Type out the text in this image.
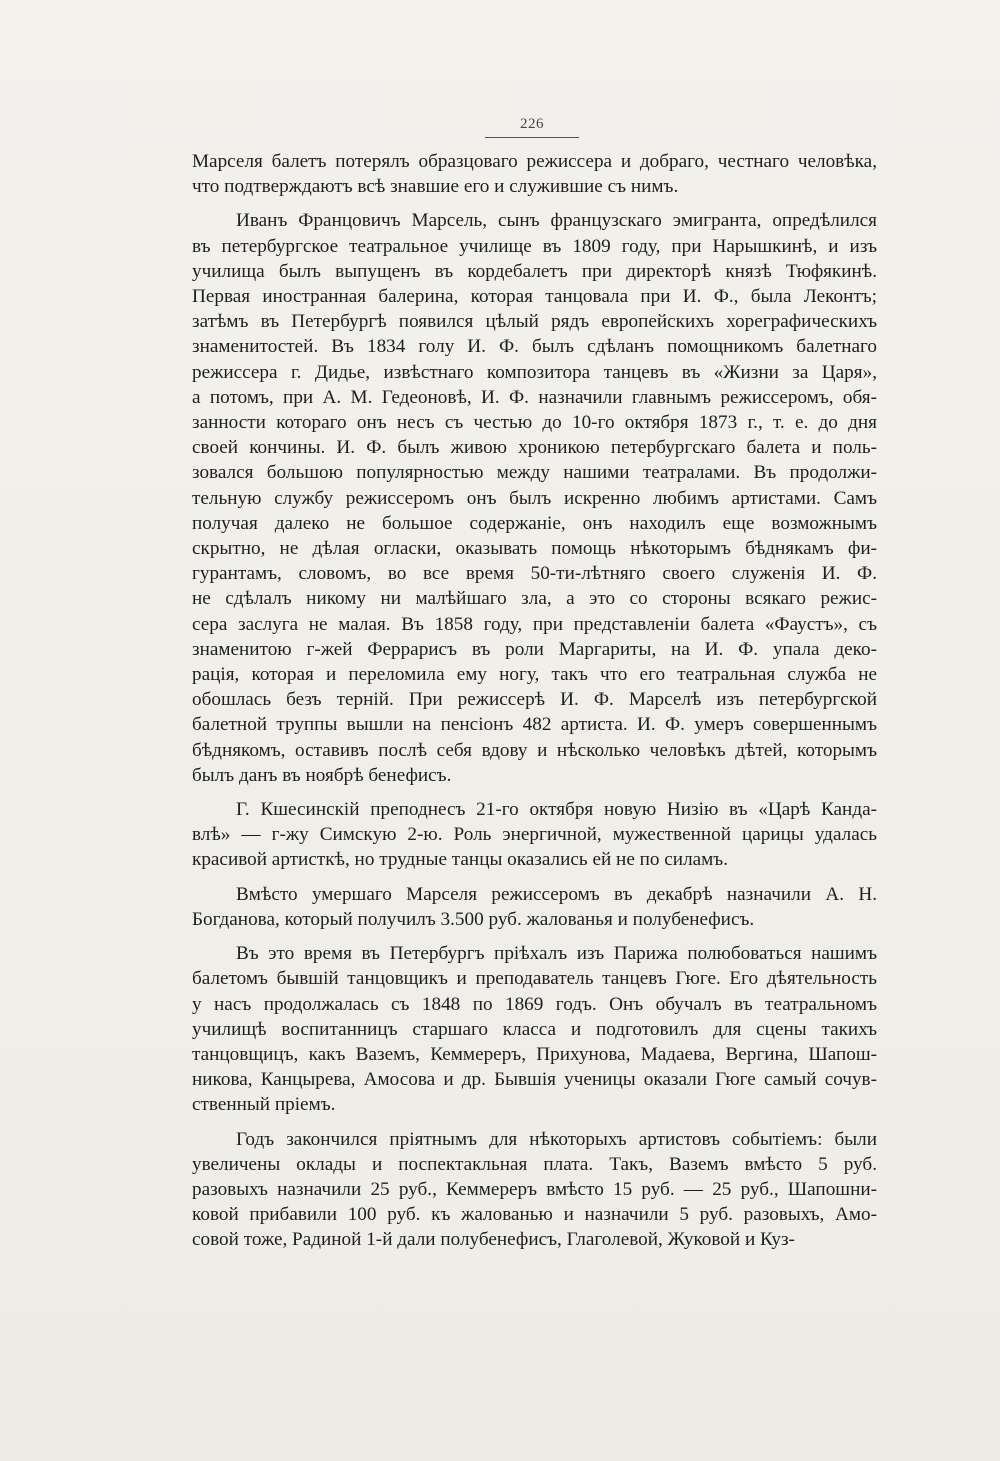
226

Марселя балетъ потерялъ образцоваго режиссера и добраго, честнаго человѣка,
что подтверждаютъ всѣ знавшие его и служившие съ нимъ.

Иванъ Францовичъ Марсель, сынъ французскаго эмигранта, опредѣлился
въ петербургское театральное училище въ 1809 году, при Нарышкинѣ, и изъ
училища былъ выпущенъ въ кордебалетъ при директорѣ князѣ Тюфякинѣ.
Первая иностранная балерина, которая танцовала при И. Ф., была Леконтъ;
затѣмъ въ Петербургѣ появился цѣлый рядъ европейскихъ хореграфическихъ
знаменитостей. Въ 1834 голу И. Ф. былъ сдѣланъ помощникомъ балетнаго
режиссера г. Дидье, извѣстнаго композитора танцевъ въ «Жизни за Царя»,
а потомъ, при А. М. Гедеоновѣ, И. Ф. назначили главнымъ режиссеромъ, обя-
занности котораго онъ несъ съ честью до 10-го октября 1873 г., т. е. до дня
своей кончины. И. Ф. былъ живою хроникою петербургскаго балета и поль-
зовался большою популярностью между нашими театралами. Въ продолжи-
тельную службу режиссеромъ онъ былъ искренно любимъ артистами. Самъ
получая далеко не большое содержаніе, онъ находилъ еще возможнымъ
скрытно, не дѣлая огласки, оказывать помощь нѣкоторымъ бѣднякамъ фи-
гурантамъ, словомъ, во все время 50-ти-лѣтняго своего служенія И. Ф.
не сдѣлалъ никому ни малѣйшаго зла, а это со стороны всякаго режис-
сера заслуга не малая. Въ 1858 году, при представленіи балета «Фаустъ», съ
знаменитою г-жей Феррарисъ въ роли Маргариты, на И. Ф. упала деко-
рація, которая и переломила ему ногу, такъ что его театральная служба не
обошлась безъ терній. При режиссерѣ И. Ф. Марселѣ изъ петербургской
балетной труппы вышли на пенсіонъ 482 артиста. И. Ф. умеръ совершеннымъ
бѣднякомъ, оставивъ послѣ себя вдову и нѣсколько человѣкъ дѣтей, которымъ
былъ данъ въ ноябрѣ бенефисъ.

Г. Кшесинскій преподнесъ 21-го октября новую Низію въ «Царѣ Канда-
влѣ» — г-жу Симскую 2-ю. Роль энергичной, мужественной царицы удалась
красивой артисткѣ, но трудные танцы оказались ей не по силамъ.

Вмѣсто умершаго Марселя режиссеромъ въ декабрѣ назначили А. Н.
Богданова, который получилъ 3.500 руб. жалованья и полубенефисъ.

Въ это время въ Петербургъ пріѣхалъ изъ Парижа полюбоваться нашимъ
балетомъ бывшій танцовщикъ и преподаватель танцевъ Гюге. Его дѣятельность
у насъ продолжалась съ 1848 по 1869 годъ. Онъ обучалъ въ театральномъ
училищѣ воспитанницъ старшаго класса и подготовилъ для сцены такихъ
танцовщицъ, какъ Ваземъ, Кеммереръ, Прихунова, Мадаева, Вергина, Шапош-
никова, Канцырева, Амосова и др. Бывшія ученицы оказали Гюге самый сочув-
ственный пріемъ.

Годъ закончился пріятнымъ для нѣкоторыхъ артистовъ событіемъ: были
увеличены оклады и поспектакльная плата. Такъ, Ваземъ вмѣсто 5 руб.
разовыхъ назначили 25 руб., Кеммереръ вмѣсто 15 руб. — 25 руб., Шапошни-
ковой прибавили 100 руб. къ жалованью и назначили 5 руб. разовыхъ, Амо-
совой тоже, Радиной 1-й дали полубенефисъ, Глаголевой, Жуковой и Куз-
